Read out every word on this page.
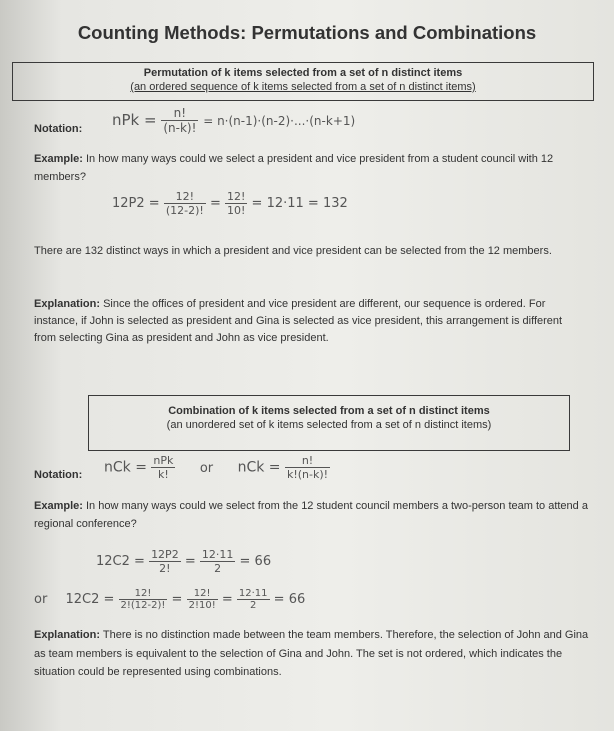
Counting Methods: Permutations and Combinations
Permutation of k items selected from a set of n distinct items
(an ordered sequence of k items selected from a set of n distinct items)
Notation: nPk = $\frac{n!}{(n-k)!} = n\cdot(n-1)\cdot(n-2)\cdot...\cdot(n-k+1)$
Example: In how many ways could we select a president and vice president from a student council with 12 members?
$12P2 = \frac{12!}{(12-2)!} = \frac{12!}{10!} = 12\cdot 11 = 132$
There are 132 distinct ways in which a president and vice president can be selected from the 12 members.
Explanation: Since the offices of president and vice president are different, our sequence is ordered. For instance, if John is selected as president and Gina is selected as vice president, this arrangement is different from selecting Gina as president and John as vice president.
Combination of k items selected from a set of n distinct items
(an unordered set of k items selected from a set of n distinct items)
Notation: nCk = $\frac{\text{nPk}}{k!}$ or nCk = $\frac{n!}{k!(n-k)!}$
Example: In how many ways could we select from the 12 student council members a two-person team to attend a regional conference?
$12C2 = \frac{12P2}{2!} = \frac{12\cdot 11}{2} = 66$
or $12C2 = \frac{12!}{2!(12-2)!} = \frac{12!}{2!10!} = \frac{12\cdot 11}{2} = 66$
Explanation: There is no distinction made between the team members. Therefore, the selection of John and Gina as team members is equivalent to the selection of Gina and John. The set is not ordered, which indicates the situation could be represented using combinations.
